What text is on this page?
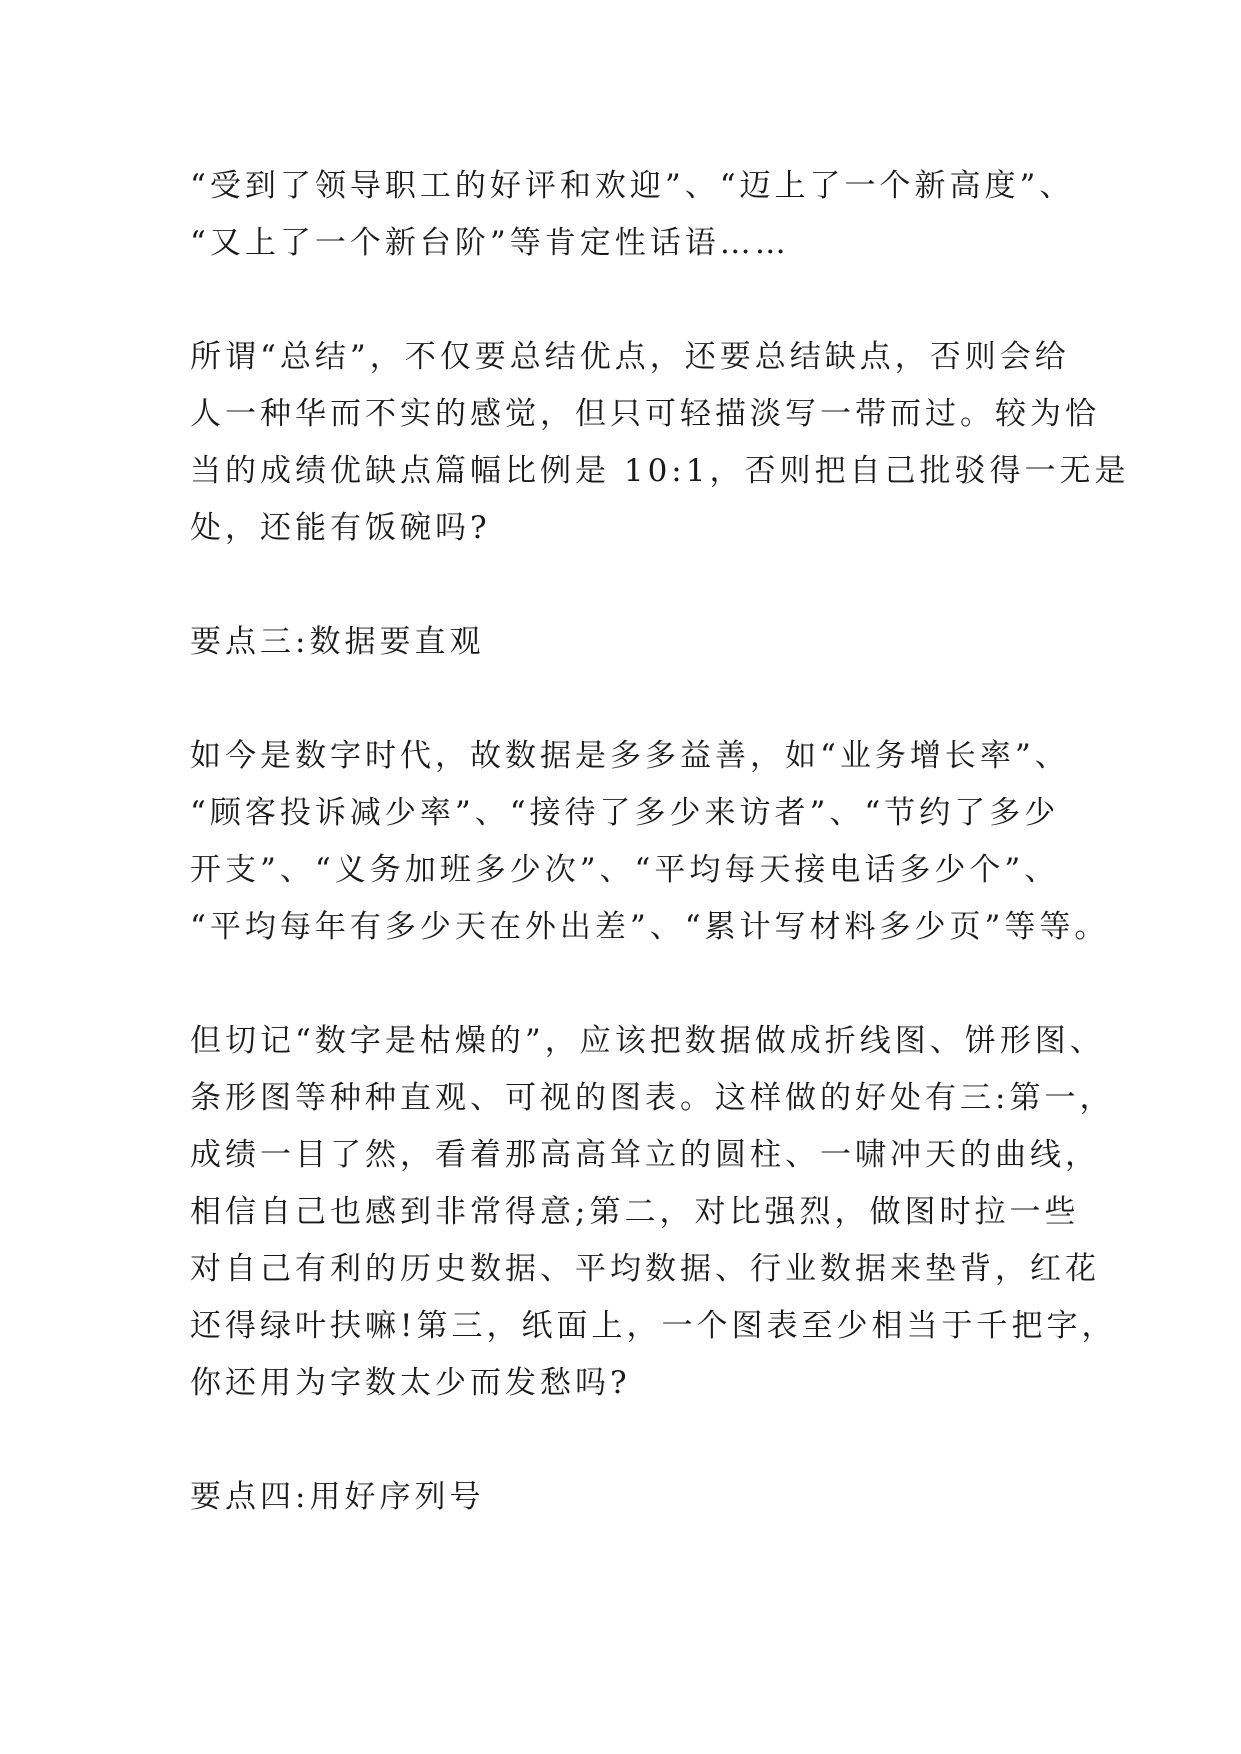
“受到了领导职工的好评和欢迎”、“迈上了一个新高度”、
“又上了一个新台阶”等肯定性话语……
所谓“总结”，不仅要总结优点，还要总结缺点，否则会给
人一种华而不实的感觉，但只可轻描淡写一带而过。较为恰
当的成绩优缺点篇幅比例是 10:1，否则把自己批驳得一无是
处，还能有饭碗吗?
要点三:数据要直观
如今是数字时代，故数据是多多益善，如“业务增长率”、
“顾客投诉减少率”、“接待了多少来访者”、“节约了多少
开支”、“义务加班多少次”、“平均每天接电话多少个”、
“平均每年有多少天在外出差”、“累计写材料多少页”等等。
但切记“数字是枯燥的”，应该把数据做成折线图、饼形图、
条形图等种种直观、可视的图表。这样做的好处有三:第一，
成绩一目了然，看着那高高耸立的圆柱、一啸冲天的曲线，
相信自己也感到非常得意;第二，对比强烈，做图时拉一些
对自己有利的历史数据、平均数据、行业数据来垫背，红花
还得绿叶扶嘛!第三，纸面上，一个图表至少相当于千把字，
你还用为字数太少而发愁吗?
要点四:用好序列号
